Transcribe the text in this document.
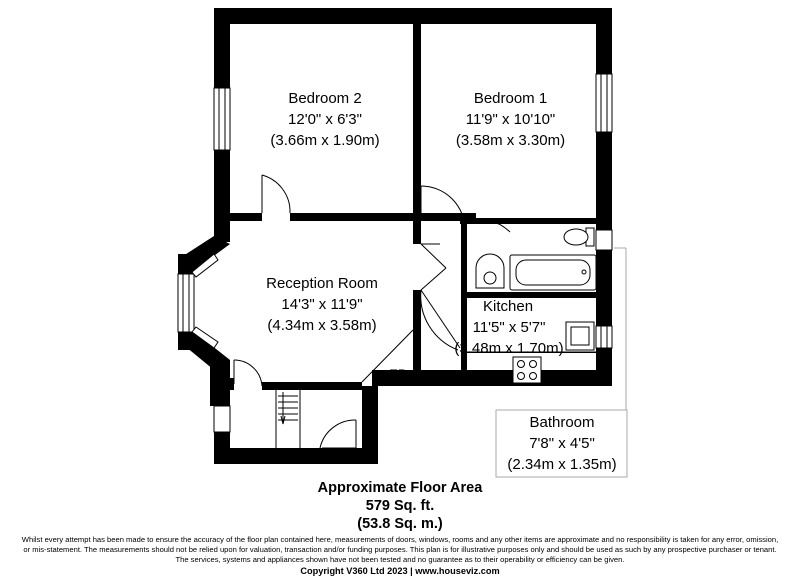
Bedroom 2
12'0" x 6'3"
(3.66m x 1.90m)
Bedroom 1
11'9" x 10'10"
(3.58m x 3.30m)
Reception Room
14'3" x 11'9"
(4.34m x 3.58m)
Kitchen
11'5" x 5'7"
(3.48m x 1.70m)
Bathroom
7'8" x 4'5"
(2.34m x 1.35m)
FP
Approximate Floor Area
579 Sq. ft.
(53.8 Sq. m.)
Whilst every attempt has been made to ensure the accuracy of the floor plan contained here, measurements of doors, windows, rooms and any other items are approximate and no responsibility is taken for any error, omission,
or mis-statement. The measurements should not be relied upon for valuation, transaction and/or funding purposes. This plan is for illustrative purposes only and should be used as such by any prospective purchaser or tenant.
The services, systems and appliances shown have not been tested and no guarantee as to their operability or efficiency can be given.
Copyright V360 Ltd 2023 | www.houseviz.com
